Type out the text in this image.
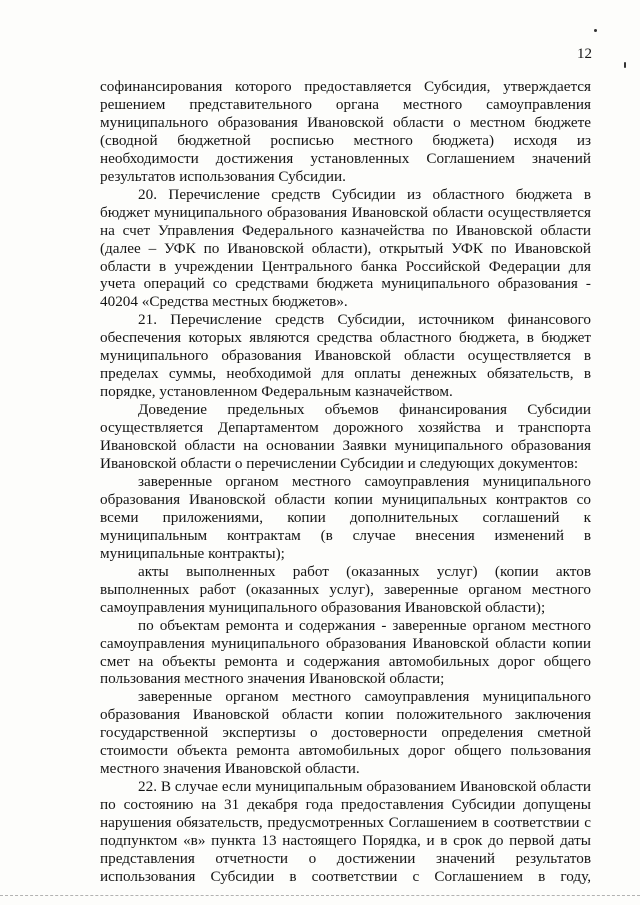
12

софинансирования которого предоставляется Субсидия, утверждается решением представительного органа местного самоуправления муниципального образования Ивановской области о местном бюджете (сводной бюджетной росписью местного бюджета) исходя из необходимости достижения установленных Соглашением значений результатов использования Субсидии.

20. Перечисление средств Субсидии из областного бюджета в бюджет муниципального образования Ивановской области осуществляется на счет Управления Федерального казначейства по Ивановской области (далее – УФК по Ивановской области), открытый УФК по Ивановской области в учреждении Центрального банка Российской Федерации для учета операций со средствами бюджета муниципального образования - 40204 «Средства местных бюджетов».

21. Перечисление средств Субсидии, источником финансового обеспечения которых являются средства областного бюджета, в бюджет муниципального образования Ивановской области осуществляется в пределах суммы, необходимой для оплаты денежных обязательств, в порядке, установленном Федеральным казначейством.

Доведение предельных объемов финансирования Субсидии осуществляется Департаментом дорожного хозяйства и транспорта Ивановской области на основании Заявки муниципального образования Ивановской области о перечислении Субсидии и следующих документов:

заверенные органом местного самоуправления муниципального образования Ивановской области копии муниципальных контрактов со всеми приложениями, копии дополнительных соглашений к муниципальным контрактам (в случае внесения изменений в муниципальные контракты);

акты выполненных работ (оказанных услуг) (копии актов выполненных работ (оказанных услуг), заверенные органом местного самоуправления муниципального образования Ивановской области);

по объектам ремонта и содержания - заверенные органом местного самоуправления муниципального образования Ивановской области копии смет на объекты ремонта и содержания автомобильных дорог общего пользования местного значения Ивановской области;

заверенные органом местного самоуправления муниципального образования Ивановской области копии положительного заключения государственной экспертизы о достоверности определения сметной стоимости объекта ремонта автомобильных дорог общего пользования местного значения Ивановской области.

22. В случае если муниципальным образованием Ивановской области по состоянию на 31 декабря года предоставления Субсидии допущены нарушения обязательств, предусмотренных Соглашением в соответствии с подпунктом «в» пункта 13 настоящего Порядка, и в срок до первой даты представления отчетности о достижении значений результатов использования Субсидии в соответствии с Соглашением в году,
